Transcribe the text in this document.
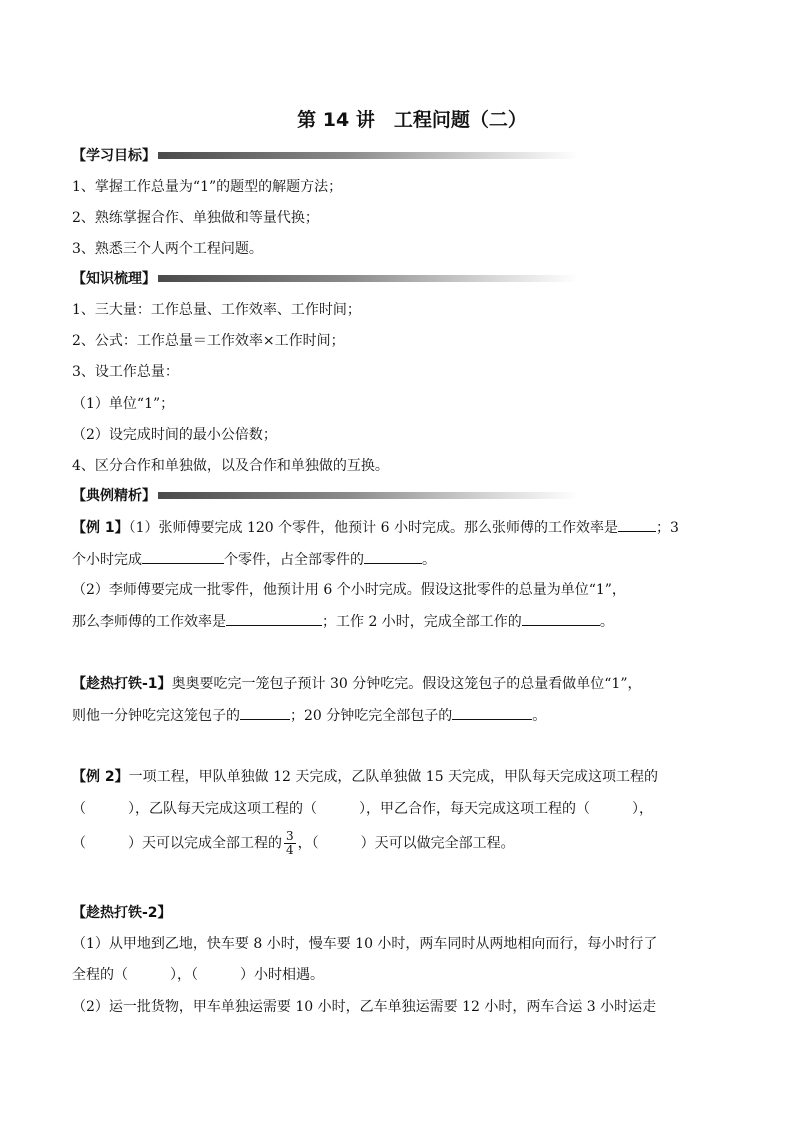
第 14 讲　工程问题（二）
【学习目标】
1、掌握工作总量为“1”的题型的解题方法；
2、熟练掌握合作、单独做和等量代换；
3、熟悉三个人两个工程问题。
【知识梳理】
1、三大量：工作总量、工作效率、工作时间；
2、公式：工作总量＝工作效率×工作时间；
3、设工作总量：
（1）单位“1”；
（2）设完成时间的最小公倍数；
4、区分合作和单独做，以及合作和单独做的互换。
【典例精析】
【例 1】（1）张师傅要完成 120 个零件，他预计 6 小时完成。那么张师傅的工作效率是	；3
个小时完成	个零件，占全部零件的	。
（2）李师傅要完成一批零件，他预计用 6 个小时完成。假设这批零件的总量为单位“1”，
那么李师傅的工作效率是	；工作 2 小时，完成全部工作的	。
【趁热打铁-1】奥奥要吃完一笼包子预计 30 分钟吃完。假设这笼包子的总量看做单位“1”，
则他一分钟吃完这笼包子的	；20 分钟吃完全部包子的	。
【例 2】一项工程，甲队单独做 12 天完成，乙队单独做 15 天完成，甲队每天完成这项工程的
（　　　），乙队每天完成这项工程的（　　　），甲乙合作，每天完成这项工程的（　　　），
（　　　）天可以完成全部工程的 $\frac{3}{4}$ ，（　　　）天可以做完全部工程。
【趁热打铁-2】
（1）从甲地到乙地，快车要 8 小时，慢车要 10 小时，两车同时从两地相向而行，每小时行了
全程的（　　　），（　　　）小时相遇。
（2）运一批货物，甲车单独运需要 10 小时，乙车单独运需要 12 小时，两车合运 3 小时运走
